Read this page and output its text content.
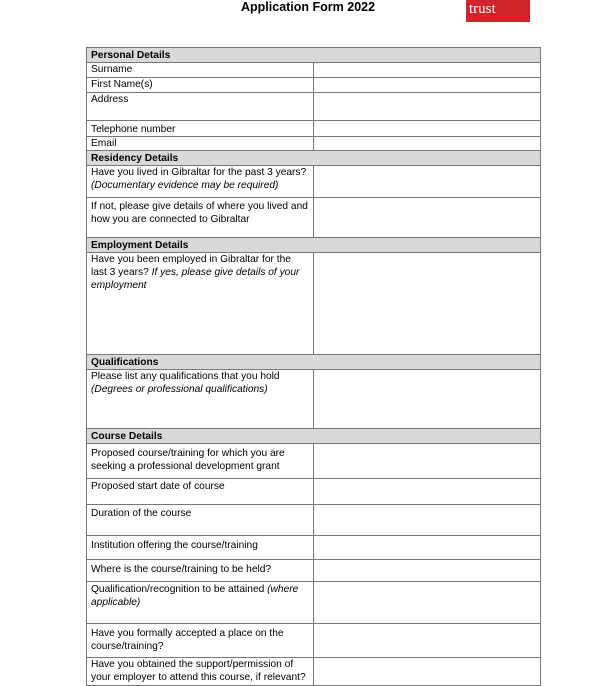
Application Form 2022	trust
Personal Details	
Surname	
First Name(s)	
Address	
Telephone number	
Email	
Residency Details	
Have you lived in Gibraltar for the past 3 years? (Documentary evidence may be required)	
If not, please give details of where you lived and how you are connected to Gibraltar	
Employment Details	
Have you been employed in Gibraltar for the last 3 years? If yes, please give details of your employment	
Qualifications	
Please list any qualifications that you hold (Degrees or professional qualifications)	
Course Details	
Proposed course/training for which you are seeking a professional development grant	
Proposed start date of course	
Duration of the course	
Institution offering the course/training	
Where is the course/training to be held?	
Qualification/recognition to be attained (where applicable)	
Have you formally accepted a place on the course/training?	
Have you obtained the support/permission of your employer to attend this course, if relevant?	
